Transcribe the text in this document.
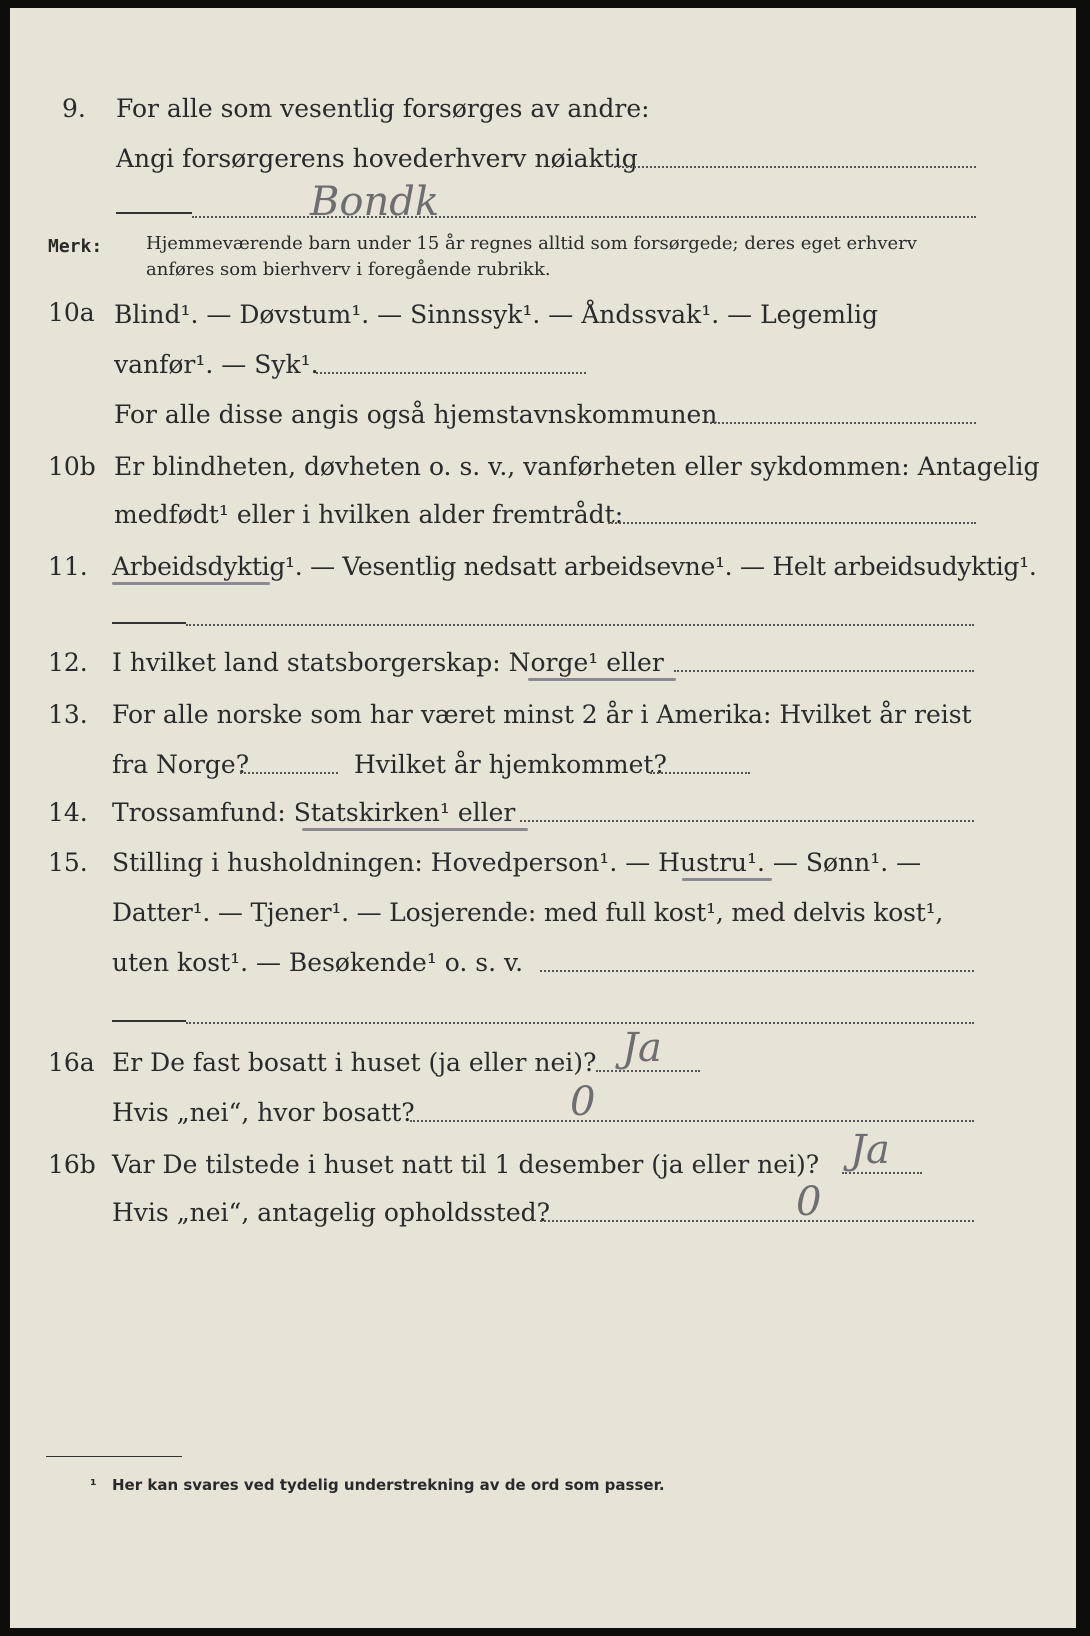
9. For alle som vesentlig forsørges av andre:
Angi forsørgerens hovederhverv nøiaktig
Bondk
Merk: Hjemmeværende barn under 15 år regnes alltid som forsørgede; deres eget erhverv
anføres som bierhverv i foregående rubrikk.
10a Blind¹. — Døvstum¹. — Sinnssyk¹. — Åndssvak¹. — Legemlig
vanfør¹. — Syk¹.
For alle disse angis også hjemstavnskommunen
10b Er blindheten, døvheten o. s. v., vanførheten eller sykdommen: Antagelig
medfødt¹ eller i hvilken alder fremtrådt:
11. Arbeidsdyktig¹. — Vesentlig nedsatt arbeidsevne¹. — Helt arbeidsudyktig¹.
12. I hvilket land statsborgerskap: Norge¹ eller
13. For alle norske som har været minst 2 år i Amerika: Hvilket år reist
fra Norge?	Hvilket år hjemkommet?
14. Trossamfund: Statskirken¹ eller
15. Stilling i husholdningen: Hovedperson¹. — Hustru¹. — Sønn¹. —
Datter¹. — Tjener¹. — Losjerende: med full kost¹, med delvis kost¹,
uten kost¹. — Besøkende¹ o. s. v.
16a Er De fast bosatt i huset (ja eller nei)? Ja
Hvis „nei“, hvor bosatt?	0
16b Var De tilstede i huset natt til 1 desember (ja eller nei)? Ja
Hvis „nei“, antagelig opholdssted?	0
¹ Her kan svares ved tydelig understrekning av de ord som passer.
